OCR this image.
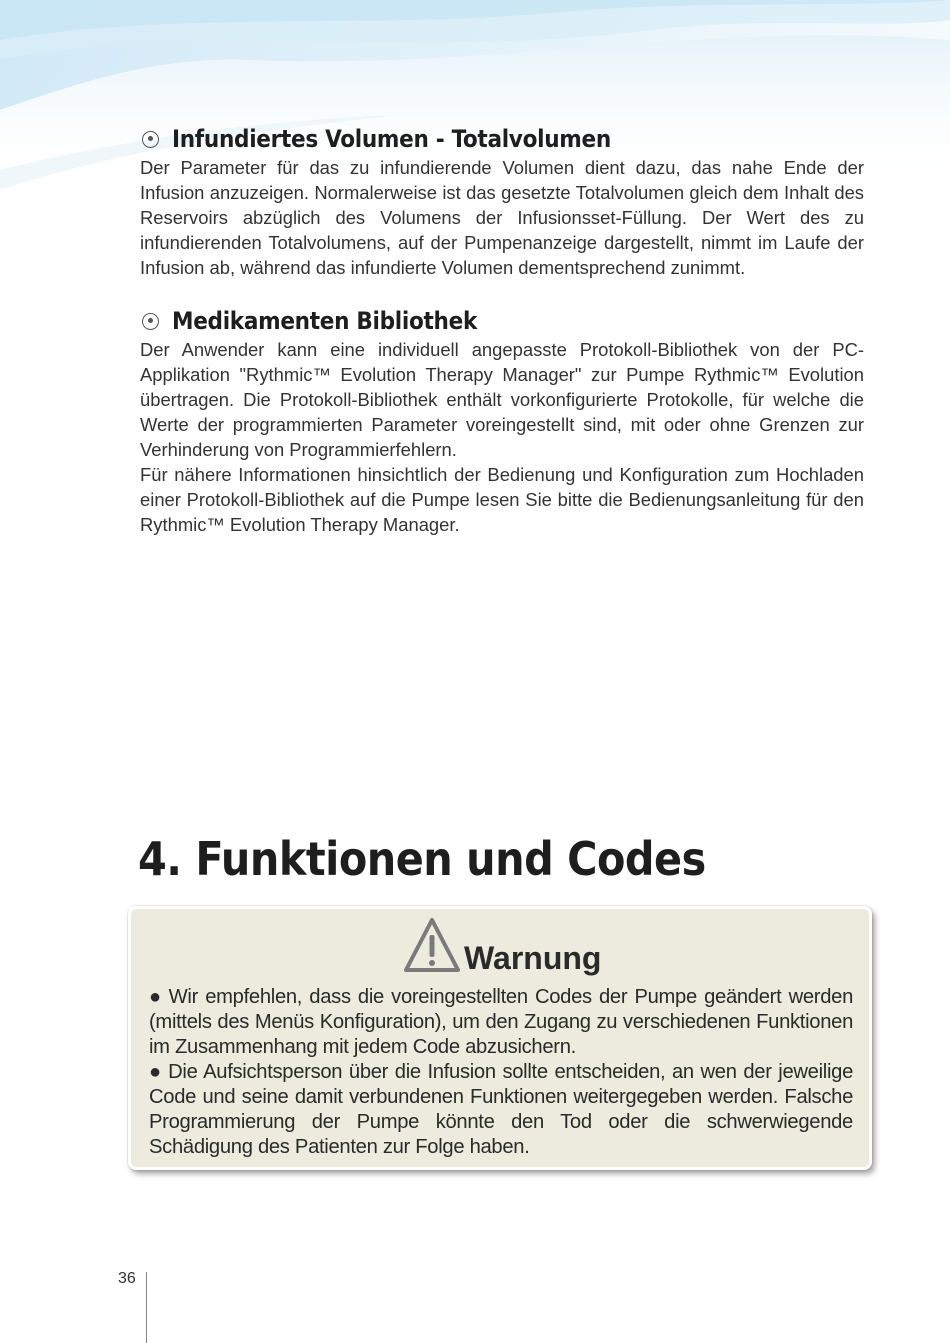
Infundiertes Volumen - Totalvolumen

Der Parameter für das zu infundierende Volumen dient dazu, das nahe Ende der Infusion anzuzeigen. Normalerweise ist das gesetzte Totalvolumen gleich dem Inhalt des Reservoirs abzüglich des Volumens der Infusionsset-Füllung. Der Wert des zu infundierenden Totalvolumens, auf der Pumpenanzeige dargestellt, nimmt im Laufe der Infusion ab, während das infundierte Volumen dementsprechend zunimmt.

Medikamenten Bibliothek

Der Anwender kann eine individuell angepasste Protokoll-Bibliothek von der PC-Applikation "Rythmic™ Evolution Therapy Manager" zur Pumpe Rythmic™ Evolution übertragen. Die Protokoll-Bibliothek enthält vorkonfigurierte Protokolle, für welche die Werte der programmierten Parameter voreingestellt sind, mit oder ohne Grenzen zur Verhinderung von Programmierfehlern.

Für nähere Informationen hinsichtlich der Bedienung und Konfiguration zum Hochladen einer Protokoll-Bibliothek auf die Pumpe lesen Sie bitte die Bedienungsanleitung für den Rythmic™ Evolution Therapy Manager.

4. Funktionen und Codes
Warnung

● Wir empfehlen, dass die voreingestellten Codes der Pumpe geändert werden (mittels des Menüs Konfiguration), um den Zugang zu verschiedenen Funktionen im Zusammenhang mit jedem Code abzusichern.

● Die Aufsichtsperson über die Infusion sollte entscheiden, an wen der jeweilige Code und seine damit verbundenen Funktionen weitergegeben werden. Falsche Programmierung der Pumpe könnte den Tod oder die schwerwiegende Schädigung des Patienten zur Folge haben.

36
